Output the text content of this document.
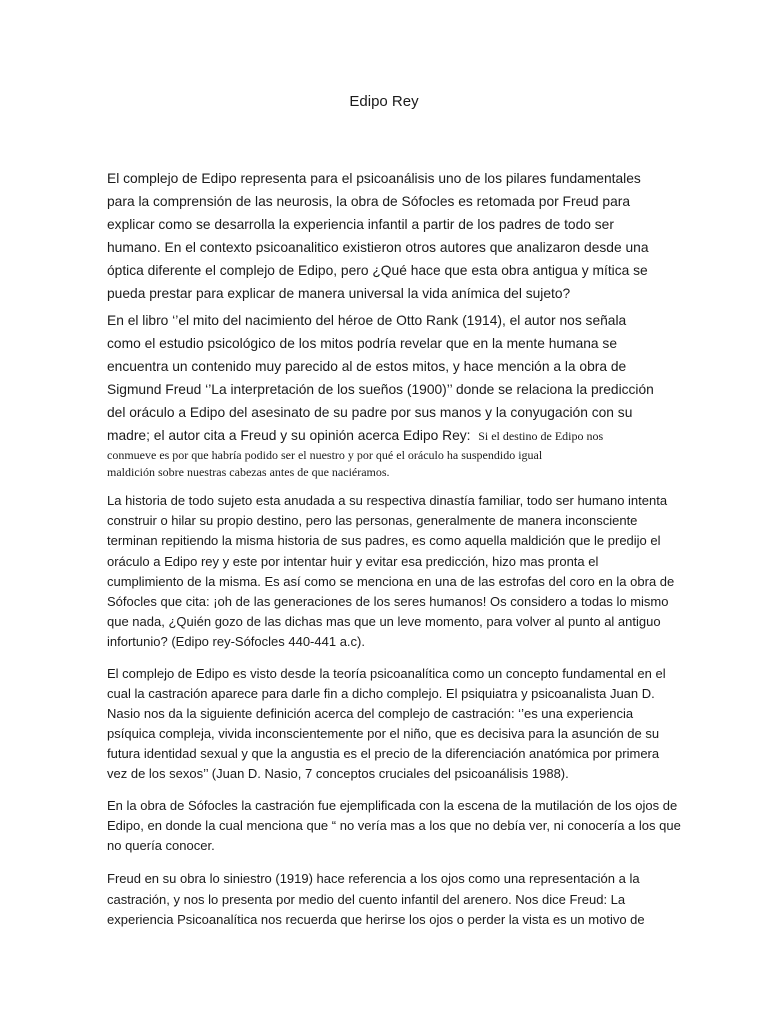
Edipo Rey
El complejo de Edipo representa para el psicoanálisis uno de los pilares fundamentales
para la comprensión de las neurosis, la obra de Sófocles es retomada por Freud para
explicar como se desarrolla la experiencia infantil a partir de los padres de todo ser
humano. En el contexto psicoanalitico existieron otros autores que analizaron desde una
óptica diferente el complejo de Edipo, pero ¿Qué hace que esta obra antigua y mítica se
pueda prestar para explicar de manera universal la vida anímica del sujeto?
En el libro ‘’el mito del nacimiento del héroe de Otto Rank (1914), el autor nos señala
como el estudio psicológico de los mitos podría revelar que en la mente humana se
encuentra un contenido muy parecido al de estos mitos, y hace mención a la obra de
Sigmund Freud ‘’La interpretación de los sueños (1900)’’ donde se relaciona la predicción
del oráculo a Edipo del asesinato de su padre por sus manos y la conyugación con su
madre; el autor cita a Freud y su opinión acerca Edipo Rey: Si el destino de Edipo nos
conmueve es por que habría podido ser el nuestro y por qué el oráculo ha suspendido igual
maldición sobre nuestras cabezas antes de que naciéramos.
La historia de todo sujeto esta anudada a su respectiva dinastía familiar, todo ser humano intenta
construir o hilar su propio destino, pero las personas, generalmente de manera inconsciente
terminan repitiendo la misma historia de sus padres, es como aquella maldición que le predijo el
oráculo a Edipo rey y este por intentar huir y evitar esa predicción, hizo mas pronta el
cumplimiento de la misma. Es así como se menciona en una de las estrofas del coro en la obra de
Sófocles que cita: ¡oh de las generaciones de los seres humanos! Os considero a todas lo mismo
que nada, ¿Quién gozo de las dichas mas que un leve momento, para volver al punto al antiguo
infortunio? (Edipo rey-Sófocles 440-441 a.c).
El complejo de Edipo es visto desde la teoría psicoanalítica como un concepto fundamental en el
cual la castración aparece para darle fin a dicho complejo. El psiquiatra y psicoanalista Juan D.
Nasio nos da la siguiente definición acerca del complejo de castración: ‘’es una experiencia
psíquica compleja, vivida inconscientemente por el niño, que es decisiva para la asunción de su
futura identidad sexual y que la angustia es el precio de la diferenciación anatómica por primera
vez de los sexos’’ (Juan D. Nasio, 7 conceptos cruciales del psicoanálisis 1988).
En la obra de Sófocles la castración fue ejemplificada con la escena de la mutilación de los ojos de
Edipo, en donde la cual menciona que “ no vería mas a los que no debía ver, ni conocería a los que
no quería conocer.
Freud en su obra lo siniestro (1919) hace referencia a los ojos como una representación a la
castración, y nos lo presenta por medio del cuento infantil del arenero. Nos dice Freud: La
experiencia Psicoanalítica nos recuerda que herirse los ojos o perder la vista es un motivo de
